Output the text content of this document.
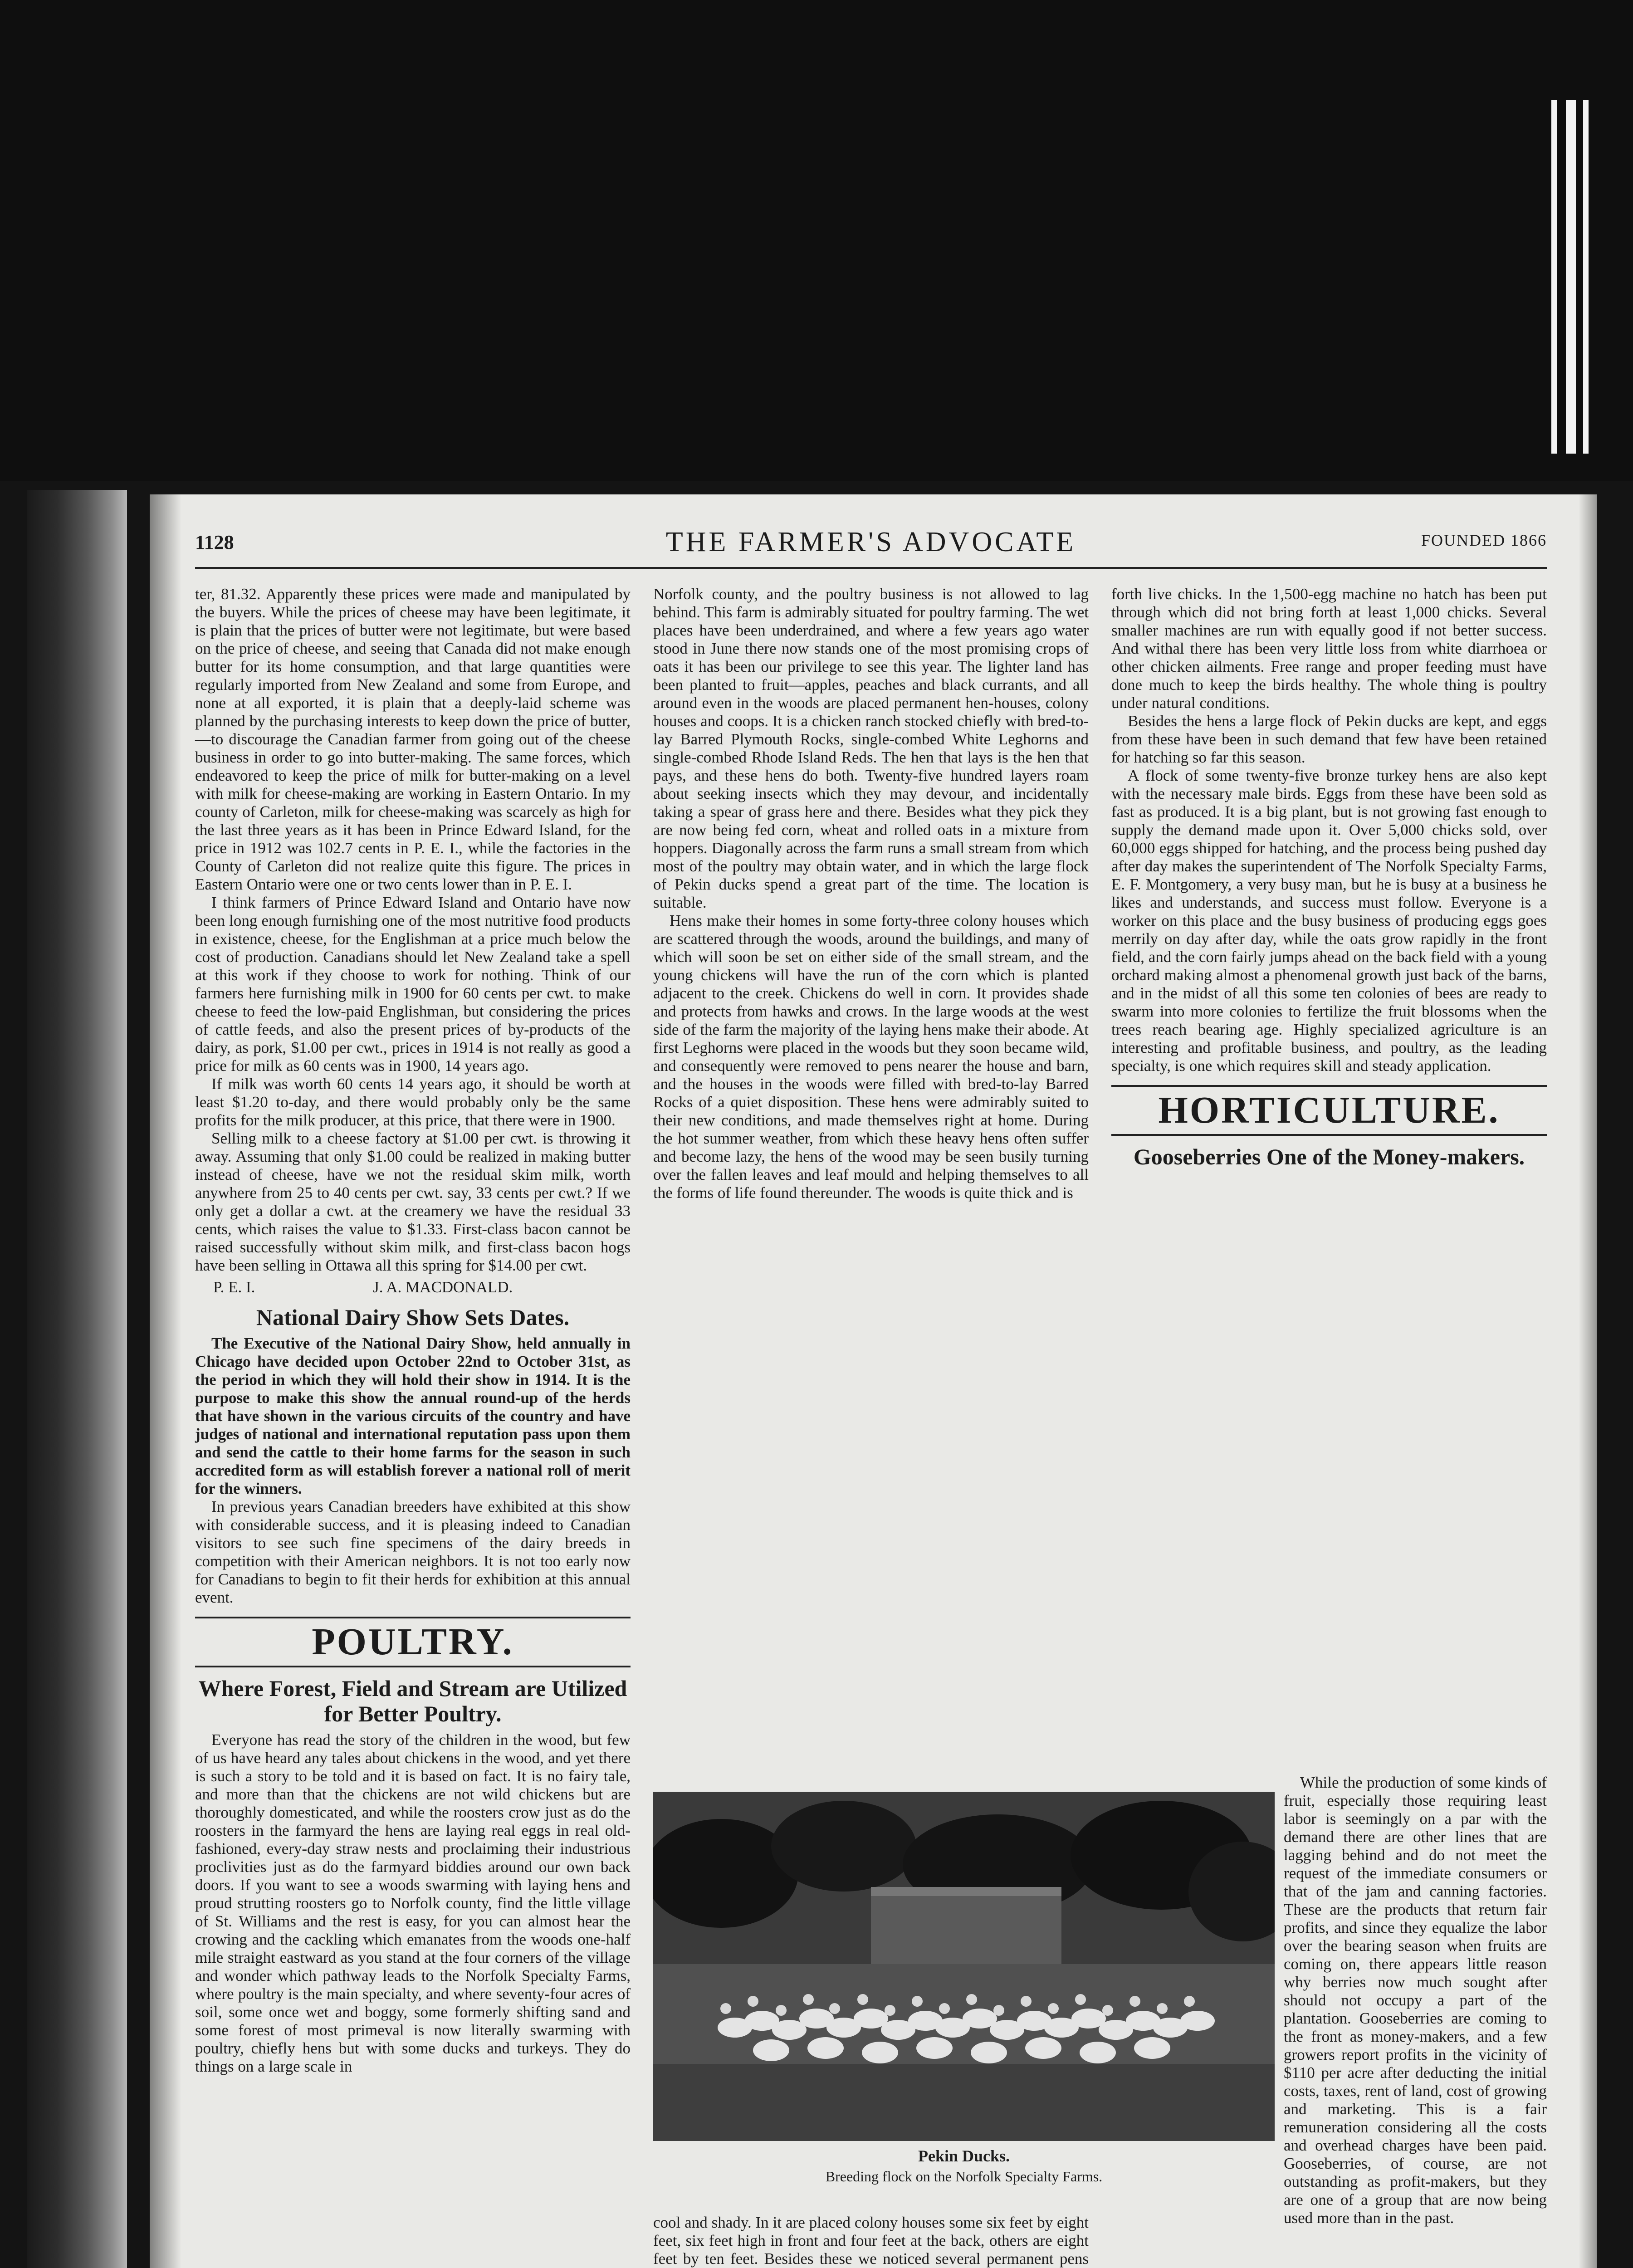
1128	THE FARMER'S ADVOCATE	FOUNDED 1866

ter, 81.32. Apparently these prices were made and manipulated by the buyers. While the prices of cheese may have been legitimate, it is plain that the prices of butter were not legitimate, but were based on the price of cheese, and seeing that Canada did not make enough butter for its home consumption, and that large quantities were regularly imported from New Zealand and some from Europe, and none at all exported, it is plain that a deeply-laid scheme was planned by the purchasing interests to keep down the price of butter,—to discourage the Canadian farmer from going out of the cheese business in order to go into butter-making. The same forces, which endeavored to keep the price of milk for butter-making on a level with milk for cheese-making are working in Eastern Ontario. In my county of Carleton, milk for cheese-making was scarcely as high for the last three years as it has been in Prince Edward Island, for the price in 1912 was 102.7 cents in P. E. I., while the factories in the County of Carleton did not realize quite this figure. The prices in Eastern Ontario were one or two cents lower than in P. E. I.

I think farmers of Prince Edward Island and Ontario have now been long enough furnishing one of the most nutritive food products in existence, cheese, for the Englishman at a price much below the cost of production. Canadians should let New Zealand take a spell at this work if they choose to work for nothing. Think of our farmers here furnishing milk in 1900 for 60 cents per cwt. to make cheese to feed the low-paid Englishman, but considering the prices of cattle feeds, and also the present prices of by-products of the dairy, as pork, $1.00 per cwt., prices in 1914 is not really as good a price for milk as 60 cents was in 1900, 14 years ago.

If milk was worth 60 cents 14 years ago, it should be worth at least $1.20 to-day, and there would probably only be the same profits for the milk producer, at this price, that there were in 1900.

Selling milk to a cheese factory at $1.00 per cwt. is throwing it away. Assuming that only $1.00 could be realized in making butter instead of cheese, have we not the residual skim milk, worth anywhere from 25 to 40 cents per cwt. say, 33 cents per cwt.? If we only get a dollar a cwt. at the creamery we have the residual 33 cents, which raises the value to $1.33. First-class bacon cannot be raised successfully without skim milk, and first-class bacon hogs have been selling in Ottawa all this spring for $14.00 per cwt.

P. E. I.	J. A. MACDONALD.
National Dairy Show Sets Dates.

The Executive of the National Dairy Show, held annually in Chicago have decided upon October 22nd to October 31st, as the period in which they will hold their show in 1914. It is the purpose to make this show the annual round-up of the herds that have shown in the various circuits of the country and have judges of national and international reputation pass upon them and send the cattle to their home farms for the season in such accredited form as will establish forever a national roll of merit for the winners.

In previous years Canadian breeders have exhibited at this show with considerable success, and it is pleasing indeed to Canadian visitors to see such fine specimens of the dairy breeds in competition with their American neighbors. It is not too early now for Canadians to begin to fit their herds for exhibition at this annual event.

POULTRY.
Where Forest, Field and Stream are Utilized for Better Poultry.

Everyone has read the story of the children in the wood, but few of us have heard any tales about chickens in the wood, and yet there is such a story to be told and it is based on fact. It is no fairy tale, and more than that the chickens are not wild chickens but are thoroughly domesticated, and while the roosters crow just as do the roosters in the farmyard the hens are laying real eggs in real old-fashioned, every-day straw nests and proclaiming their industrious proclivities just as do the farmyard biddies around our own back doors. If you want to see a woods swarming with laying hens and proud strutting roosters go to Norfolk county, find the little village of St. Williams and the rest is easy, for you can almost hear the crowing and the cackling which emanates from the woods one-half mile straight eastward as you stand at the four corners of the village and wonder which pathway leads to the Norfolk Specialty Farms, where poultry is the main specialty, and where seventy-four acres of soil, some once wet and boggy, some formerly shifting sand and some forest of most primeval is now literally swarming with poultry, chiefly hens but with some ducks and turkeys. They do things on a large scale in

Norfolk county, and the poultry business is not allowed to lag behind. This farm is admirably situated for poultry farming. The wet places have been underdrained, and where a few years ago water stood in June there now stands one of the most promising crops of oats it has been our privilege to see this year. The lighter land has been planted to fruit—apples, peaches and black currants, and all around even in the woods are placed permanent hen-houses, colony houses and coops. It is a chicken ranch stocked chiefly with bred-to-lay Barred Plymouth Rocks, single-combed White Leghorns and single-combed Rhode Island Reds. The hen that lays is the hen that pays, and these hens do both. Twenty-five hundred layers roam about seeking insects which they may devour, and incidentally taking a spear of grass here and there. Besides what they pick they are now being fed corn, wheat and rolled oats in a mixture from hoppers. Diagonally across the farm runs a small stream from which most of the poultry may obtain water, and in which the large flock of Pekin ducks spend a great part of the time. The location is suitable.

Hens make their homes in some forty-three colony houses which are scattered through the woods, around the buildings, and many of which will soon be set on either side of the small stream, and the young chickens will have the run of the corn which is planted adjacent to the creek. Chickens do well in corn. It provides shade and protects from hawks and crows. In the large woods at the west side of the farm the majority of the laying hens make their abode. At first Leghorns were placed in the woods but they soon became wild, and consequently were removed to pens nearer the house and barn, and the houses in the woods were filled with bred-to-lay Barred Rocks of a quiet disposition. These hens were admirably suited to their new conditions, and made themselves right at home. During the hot summer weather, from which these heavy hens often suffer and become lazy, the hens of the wood may be seen busily turning over the fallen leaves and leaf mould and helping themselves to all the forms of life found thereunder. The woods is quite thick and is

Pekin Ducks.
Breeding flock on the Norfolk Specialty Farms.

cool and shady. In it are placed colony houses some six feet by eight feet, six feet high in front and four feet at the back, others are eight feet by ten feet. Besides these we noticed several permanent pens

forth live chicks. In the 1,500-egg machine no hatch has been put through which did not bring forth at least 1,000 chicks. Several smaller machines are run with equally good if not better success. And withal there has been very little loss from white diarrhoea or other chicken ailments. Free range and proper feeding must have done much to keep the birds healthy. The whole thing is poultry under natural conditions.

Besides the hens a large flock of Pekin ducks are kept, and eggs from these have been in such demand that few have been retained for hatching so far this season.

A flock of some twenty-five bronze turkey hens are also kept with the necessary male birds. Eggs from these have been sold as fast as produced. It is a big plant, but is not growing fast enough to supply the demand made upon it. Over 5,000 chicks sold, over 60,000 eggs shipped for hatching, and the process being pushed day after day makes the superintendent of The Norfolk Specialty Farms, E. F. Montgomery, a very busy man, but he is busy at a business he likes and understands, and success must follow. Everyone is a worker on this place and the busy business of producing eggs goes merrily on day after day, while the oats grow rapidly in the front field, and the corn fairly jumps ahead on the back field with a young orchard making almost a phenomenal growth just back of the barns, and in the midst of all this some ten colonies of bees are ready to swarm into more colonies to fertilize the fruit blossoms when the trees reach bearing age. Highly specialized agriculture is an interesting and profitable business, and poultry, as the leading specialty, is one which requires skill and steady application.

HORTICULTURE.
Gooseberries One of the Money-makers.

While the production of some kinds of fruit, especially those requiring least labor is seemingly on a par with the demand there are other lines that are lagging behind and do not meet the request of the immediate consumers or that of the jam and canning factories. These are the products that return fair profits, and since they equalize the labor over the bearing season when fruits are coming on, there appears little reason why berries now much sought after should not occupy a part of the plantation. Gooseberries are coming to the front as money-makers, and a few growers report profits in the vicinity of $110 per acre after deducting the initial costs, taxes, rent of land, cost of growing and marketing. This is a fair remuneration considering all the costs and overhead charges have been paid. Gooseberries, of course, are not outstanding as profit-makers, but they are one of a group that are now being used more than in the past.
